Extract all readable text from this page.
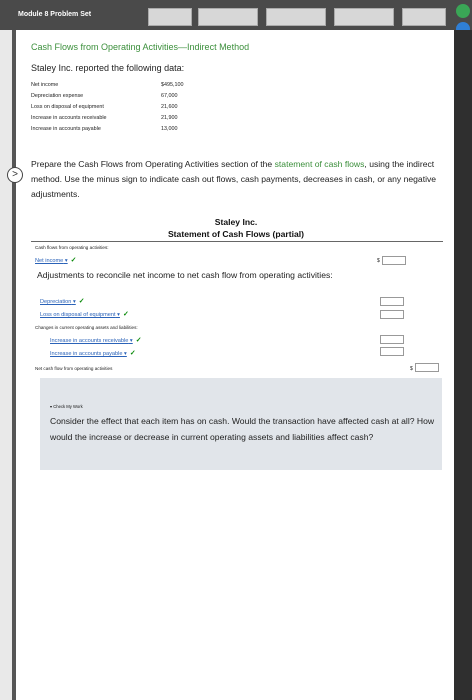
Module 8 Problem Set
Cash Flows from Operating Activities—Indirect Method
Staley Inc. reported the following data:
Net income	$495,100
Depreciation expense	67,000
Loss on disposal of equipment	21,600
Increase in accounts receivable	21,900
Increase in accounts payable	13,000
>
Prepare the Cash Flows from Operating Activities section of the statement of cash flows, using the indirect method. Use the minus sign to indicate cash out flows, cash payments, decreases in cash, or any negative adjustments.
Staley Inc.
Statement of Cash Flows (partial)
Cash flows from operating activities:
Net income ▾ ✓	$
Adjustments to reconcile net income to net cash flow from operating activities:
Depreciation ▾ ✓
Loss on disposal of equipment ▾ ✓
Changes in current operating assets and liabilities:
Increase in accounts receivable ▾ ✓
Increase in accounts payable ▾ ✓
Net cash flow from operating activities	$
▾ Check My Work
Consider the effect that each item has on cash. Would the transaction have affected cash at all? How would the increase or decrease in current operating assets and liabilities affect cash?
